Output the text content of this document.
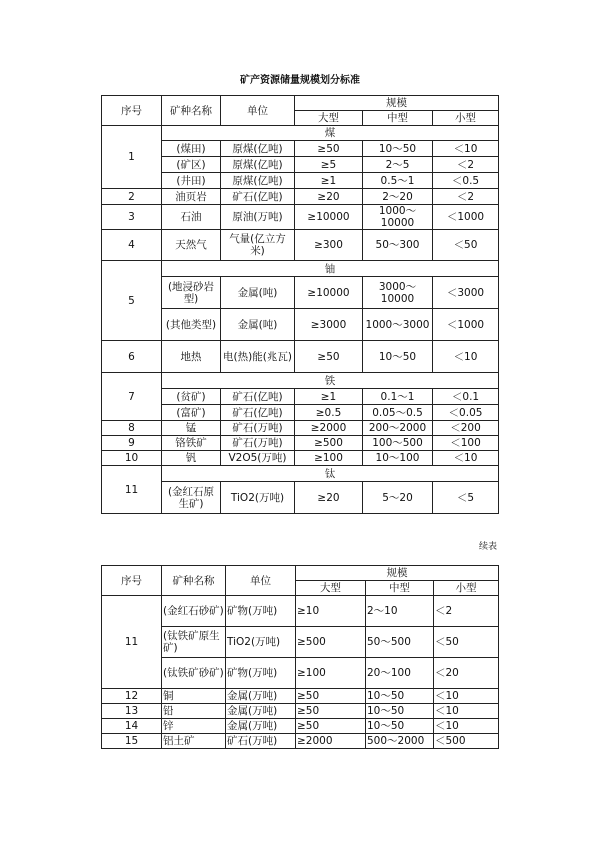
矿产资源储量规模划分标准
序号	矿种名称	单位	规模		
			大型	中型	小型
1	煤				
	(煤田)	原煤(亿吨)	≥50	10～50	＜10
	(矿区)	原煤(亿吨)	≥5	2～5	＜2
	(井田)	原煤(亿吨)	≥1	0.5～1	＜0.5
2	油页岩	矿石(亿吨)	≥20	2～20	＜2
3	石油	原油(万吨)	≥10000	1000～10000	＜1000
4	天然气	气量(亿立方米)	≥300	50～300	＜50
5	铀				
	(地浸砂岩型)	金属(吨)	≥10000	3000～10000	＜3000
	(其他类型)	金属(吨)	≥3000	1000～3000	＜1000
6	地热	电(热)能(兆瓦)	≥50	10～50	＜10
7	铁				
	(贫矿)	矿石(亿吨)	≥1	0.1～1	＜0.1
	(富矿)	矿石(亿吨)	≥0.5	0.05～0.5	＜0.05
8	锰	矿石(万吨)	≥2000	200～2000	＜200
9	铬铁矿	矿石(万吨)	≥500	100～500	＜100
10	钒	V2O5(万吨)	≥100	10～100	＜10
11	钛				
	(金红石原生矿)	TiO2(万吨)	≥20	5～20	＜5
续表
序号	矿种名称	单位	规模		
			大型	中型	小型
11	(金红石砂矿)	矿物(万吨)	≥10	2～10	＜2
	(钛铁矿原生矿)	TiO2(万吨)	≥500	50～500	＜50
	(钛铁矿砂矿)	矿物(万吨)	≥100	20～100	＜20
12	铜	金属(万吨)	≥50	10～50	＜10
13	铅	金属(万吨)	≥50	10～50	＜10
14	锌	金属(万吨)	≥50	10～50	＜10
15	铝土矿	矿石(万吨)	≥2000	500～2000	＜500
